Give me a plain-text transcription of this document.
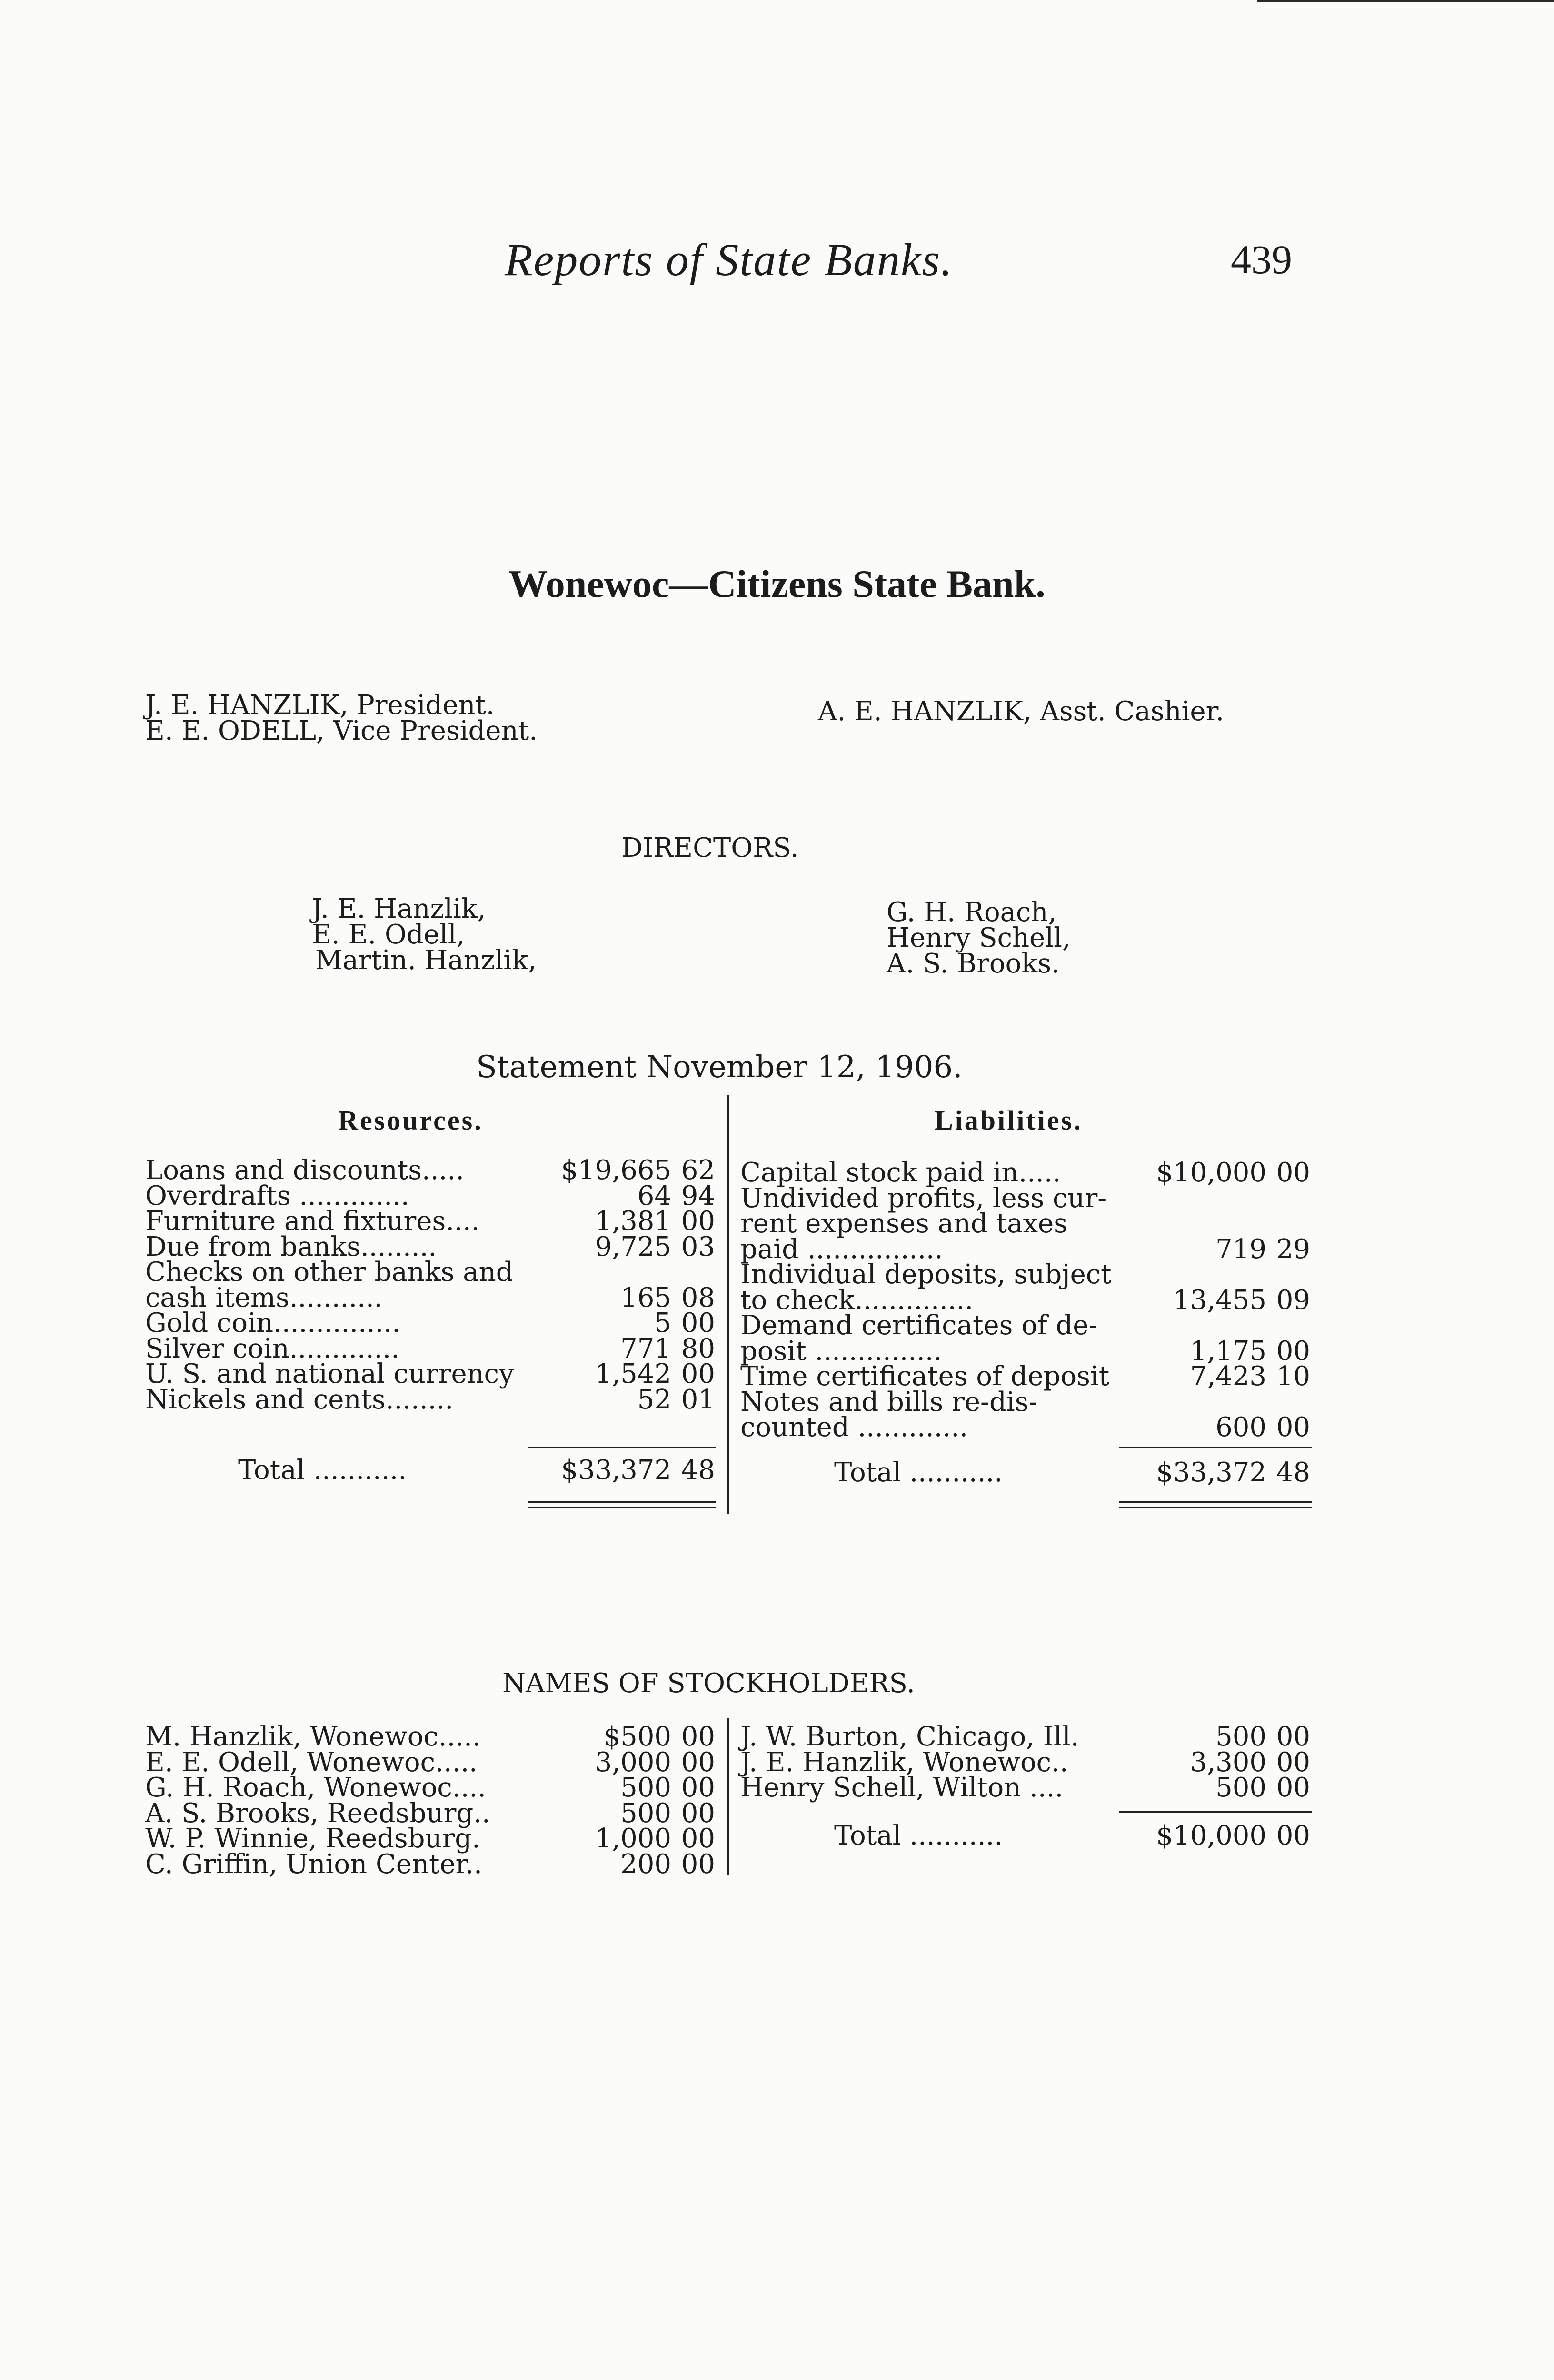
Reports of State Banks.	439
Wonewoc—Citizens State Bank.
J. E. HANZLIK, President.
E. E. ODELL, Vice President.
A. E. HANZLIK, Asst. Cashier.
DIRECTORS.
J. E. Hanzlik,
E. E. Odell,
Martin. Hanzlik,
G. H. Roach,
Henry Schell,
A. S. Brooks.
Statement November 12, 1906.
Resources.	Liabilities.
Loans and discounts.....	$19,665 62
Overdrafts .............	64 94
Furniture and fixtures....	1,381 00
Due from banks.........	9,725 03
Checks on other banks and
cash items...........	165 08
Gold coin...............	5 00
Silver coin.............	771 80
U. S. and national currency	1,542 00
Nickels and cents........	52 01
Total ...........	$33,372 48
Capital stock paid in.....	$10,000 00
Undivided profits, less cur-
rent expenses and taxes
paid ................	719 29
Individual deposits, subject
to check..............	13,455 09
Demand certificates of de-
posit ...............	1,175 00
Time certificates of deposit	7,423 10
Notes and bills re-dis-
counted .............	600 00
Total ...........	$33,372 48
NAMES OF STOCKHOLDERS.
M. Hanzlik, Wonewoc.....	$500 00
E. E. Odell, Wonewoc.....	3,000 00
G. H. Roach, Wonewoc....	500 00
A. S. Brooks, Reedsburg..	500 00
W. P. Winnie, Reedsburg.	1,000 00
C. Griffin, Union Center..	200 00
J. W. Burton, Chicago, Ill.	500 00
J. E. Hanzlik, Wonewoc..	3,300 00
Henry Schell, Wilton ....	500 00
Total ...........	$10,000 00
